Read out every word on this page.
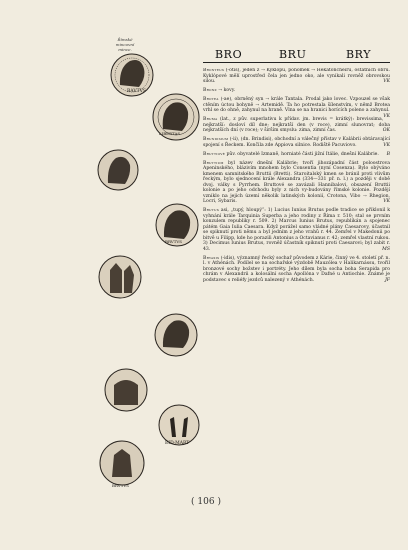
Římské
mincovní
mince.
BAVTVS
LIBERTAS
BRVTVS
EID·MART
BRVTVS
BRO	BRU	BRY
Bronteus (-otis), jeden z → Kyklópů, ponomek → Hékatoncheirů, ostatních obrů. Kyklópové mělí uprostřed čela jen jedno oko, ale vynikali rovněž obrovskou silou.	VK
Bronz → kovy.
Brotea (-ae), obrněný syn → krále Tantala. Prodal jako lovec. Vzpouzel se však ctěním úctou bohyně → Artemidě. Ta ho potrestala šílenstvím, v němž Brotea vrhl se do ohně, zahynul na hraně. Vlna se na hranici horících poleno a zahynul.
VK
Bruma (lat., z pův. superlativu k přídav. jm. brevis = krátký): brevissima, nejkratší: dosloví díl dne; nejkratší den (v roce), zimní slunovrat; doba nejkratších dní (v roce); v širším smyslu: zima, zimní čas.	OK
Brundisium (-ii), (dn. Brindisi), obchodní a válečný přístav v Kalábrii obtáravající spojení s Řeckem. Končila zde Appiova silnice. Rodiště Pacuviovo.	VK
Bruttiové pův. obyvatelé Izmaně, horniaté části jižní Itálie, dnešní Kalábrie. B
Bruttium byl název dnešní Kalábrie; tvoří jihozápadní část poloostrova Apeninského, blázivím mnohem bylo Consentia (nyní Cosenza). Bylo obýváno kmenem samnitského Bruttii (Bretti). Staroitalský kmen se bránil proti vlivům řeckým, bylo sjednocení krále Alexandra (334—331 př. n. l.) a později v době dvoj. války s Pyrrhem. Bruttové se zavázali Hannibalovi, obsazení Bruttii kolonie a po jeho odchodu byly z nich vy-budovány římské kolonie. Pozdějí vzniklo na jejich území několik latinských kolonií, Crotona, Vibo → Rhegion, Locri, Sybaris.	VK
Brutus asi, „tupý, hloupý“: 1) Lucius Iunius Brutus podle tradice se přiklonil k vyhnání krále Tarquinia Superba a jeho rodiny z Říma r. 510; stal se prvním konzulem republiky r. 509. 2) Marcus Iunius Brutus, republikán a spojenec pátém Gaia Iulia Caesara. Když porážel samo vládné plány Caesarovy, účastnil se spiknutí proti němu a byl jedním z jeho vrahů r. 44. Zemřel v Makedonii po bitvě u Filipp, kde ho porazili Antonius a Octavianus r. 42; zemřel vlastní rukou. 3) Decimus Iunius Brutus, rovněž účastník spiknutí proti Caesarovi; byl zabit r. 43.	MS
Bryaxis (-idis), významný řecký sochař původem z Kárie, činný ve 4. století př. n. l. v Athénách. Podílel se na sochařské výzdobě Mauzólea v Halikarnássu, tvořil bronzové sochy božstev i portréty. Jeho dílem byla socha boha Serapida pro chrám v Alexandrii a kolosální socha Apollóna v Dafné u Antiochie. Známé je podstavec s reliéfy jezdců nalezený v Athénách.	JF
( 106 )
